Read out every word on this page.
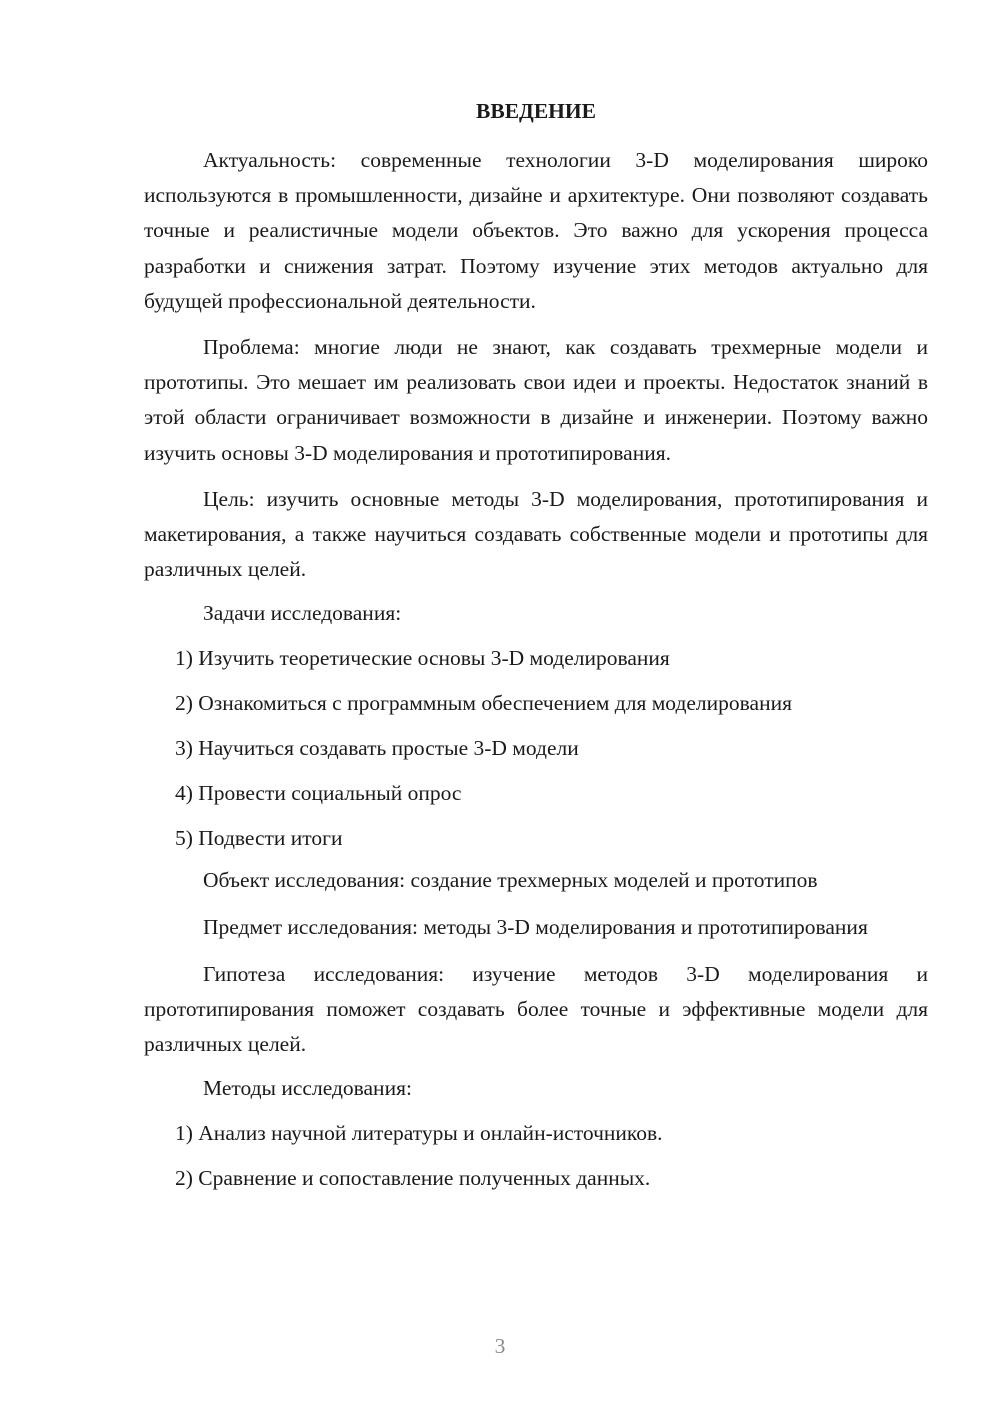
ВВЕДЕНИЕ

Актуальность: современные технологии 3-D моделирования широко используются в промышленности, дизайне и архитектуре. Они позволяют создавать точные и реалистичные модели объектов. Это важно для ускорения процесса разработки и снижения затрат. Поэтому изучение этих методов актуально для будущей профессиональной деятельности.

Проблема: многие люди не знают, как создавать трехмерные модели и прототипы. Это мешает им реализовать свои идеи и проекты. Недостаток знаний в этой области ограничивает возможности в дизайне и инженерии. Поэтому важно изучить основы 3-D моделирования и прототипирования.

Цель: изучить основные методы 3-D моделирования, прототипирования и макетирования, а также научиться создавать собственные модели и прототипы для различных целей.

Задачи исследования:
1) Изучить теоретические основы 3-D моделирования
2) Ознакомиться с программным обеспечением для моделирования
3) Научиться создавать простые 3-D модели
4) Провести социальный опрос
5) Подвести итоги
Объект исследования: создание трехмерных моделей и прототипов

Предмет исследования: методы 3-D моделирования и прототипирования

Гипотеза исследования: изучение методов 3-D моделирования и прототипирования поможет создавать более точные и эффективные модели для различных целей.

Методы исследования:
1) Анализ научной литературы и онлайн-источников.
2) Сравнение и сопоставление полученных данных.
3
